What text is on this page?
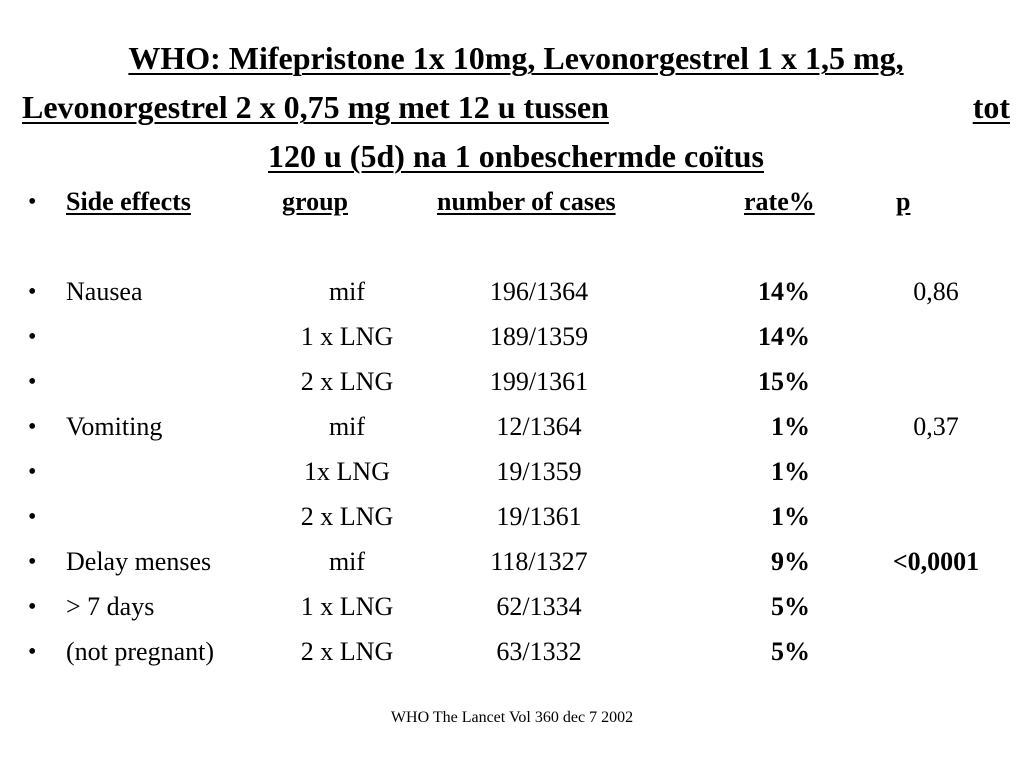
WHO: Mifepristone 1x 10mg, Levonorgestrel 1 x 1,5 mg,
Levonorgestrel 2 x 0,75 mg met 12 u tussen	tot
120 u (5d) na 1 onbeschermde coïtus
• Side effects	group	number of cases	rate%	p
• Nausea	mif	196/1364	14%	0,86
•	1 x LNG	189/1359	14%
•	2 x LNG	199/1361	15%
• Vomiting	mif	12/1364	1%	0,37
•	1x LNG	19/1359	1%
•	2 x LNG	19/1361	1%
• Delay menses	mif	118/1327	9%	<0,0001
• > 7 days	1 x LNG	62/1334	5%
• (not pregnant)	2 x LNG	63/1332	5%
WHO The Lancet Vol 360 dec 7 2002
